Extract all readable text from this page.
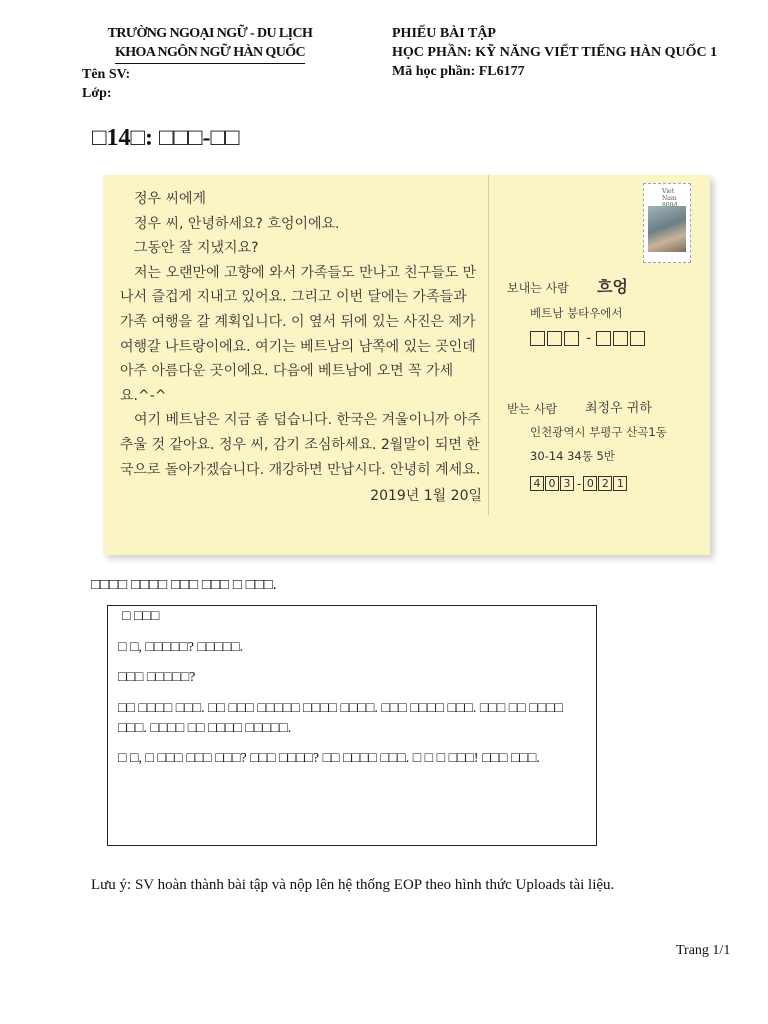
TRƯỜNG NGOẠI NGỮ - DU LỊCH
KHOA NGÔN NGỮ HÀN QUỐC
PHIẾU BÀI TẬP
HỌC PHẦN: KỸ NĂNG VIẾT TIẾNG HÀN QUỐC 1
Mã học phần: FL6177
Tên SV:
Lớp:
□14□: □□□-□□

정우 씨에게

정우 씨, 안녕하세요? 흐엉이에요.

그동안 잘 지냈지요?

저는 오랜만에 고향에 와서 가족들도 만나고 친구들도 만나서 즐겁게 지내고 있어요. 그리고 이번 달에는 가족들과 가족 여행을 갈 계획입니다. 이 옆서 뒤에 있는 사진은 제가 여행갈 나트랑이에요. 여기는 베트남의 남쪽에 있는 곳인데 아주 아름다운 곳이에요. 다음에 베트남에 오면 꼭 가세요.^-^

여기 베트남은 지금 좀 덥습니다. 한국은 겨울이니까 아주 추울 것 같아요. 정우 씨, 감기 조심하세요. 2월말이 되면 한국으로 돌아가겠습니다. 개강하면 만납시다. 안녕히 계세요.

2019년 1월 20일

Viet Nam
보내는 사람 흐엉
베트남 붕타우에서
-
받는 사람 최정우 귀하
인천광역시 부평구 산곡1동
30-14 34통 5반
4 0 3 - 0 2 1
□□□□ □□□□ □□□ □□□ □ □□□.

□ □□□

□ □, □□□□□? □□□□□.

□□□ □□□□□?

□□ □□□□ □□□. □□ □□□ □□□□□ □□□□ □□□□. □□□ □□□□ □□□. □□□ □□ □□□□ □□□. □□□□ □□ □□□□ □□□□□.

□ □, □ □□□ □□□ □□□? □□□ □□□□? □□ □□□□ □□□. □ □ □ □□□! □□□ □□□.

Lưu ý: SV hoàn thành bài tập và nộp lên hệ thống EOP theo hình thức Uploads tài liệu.
Trang 1/1
